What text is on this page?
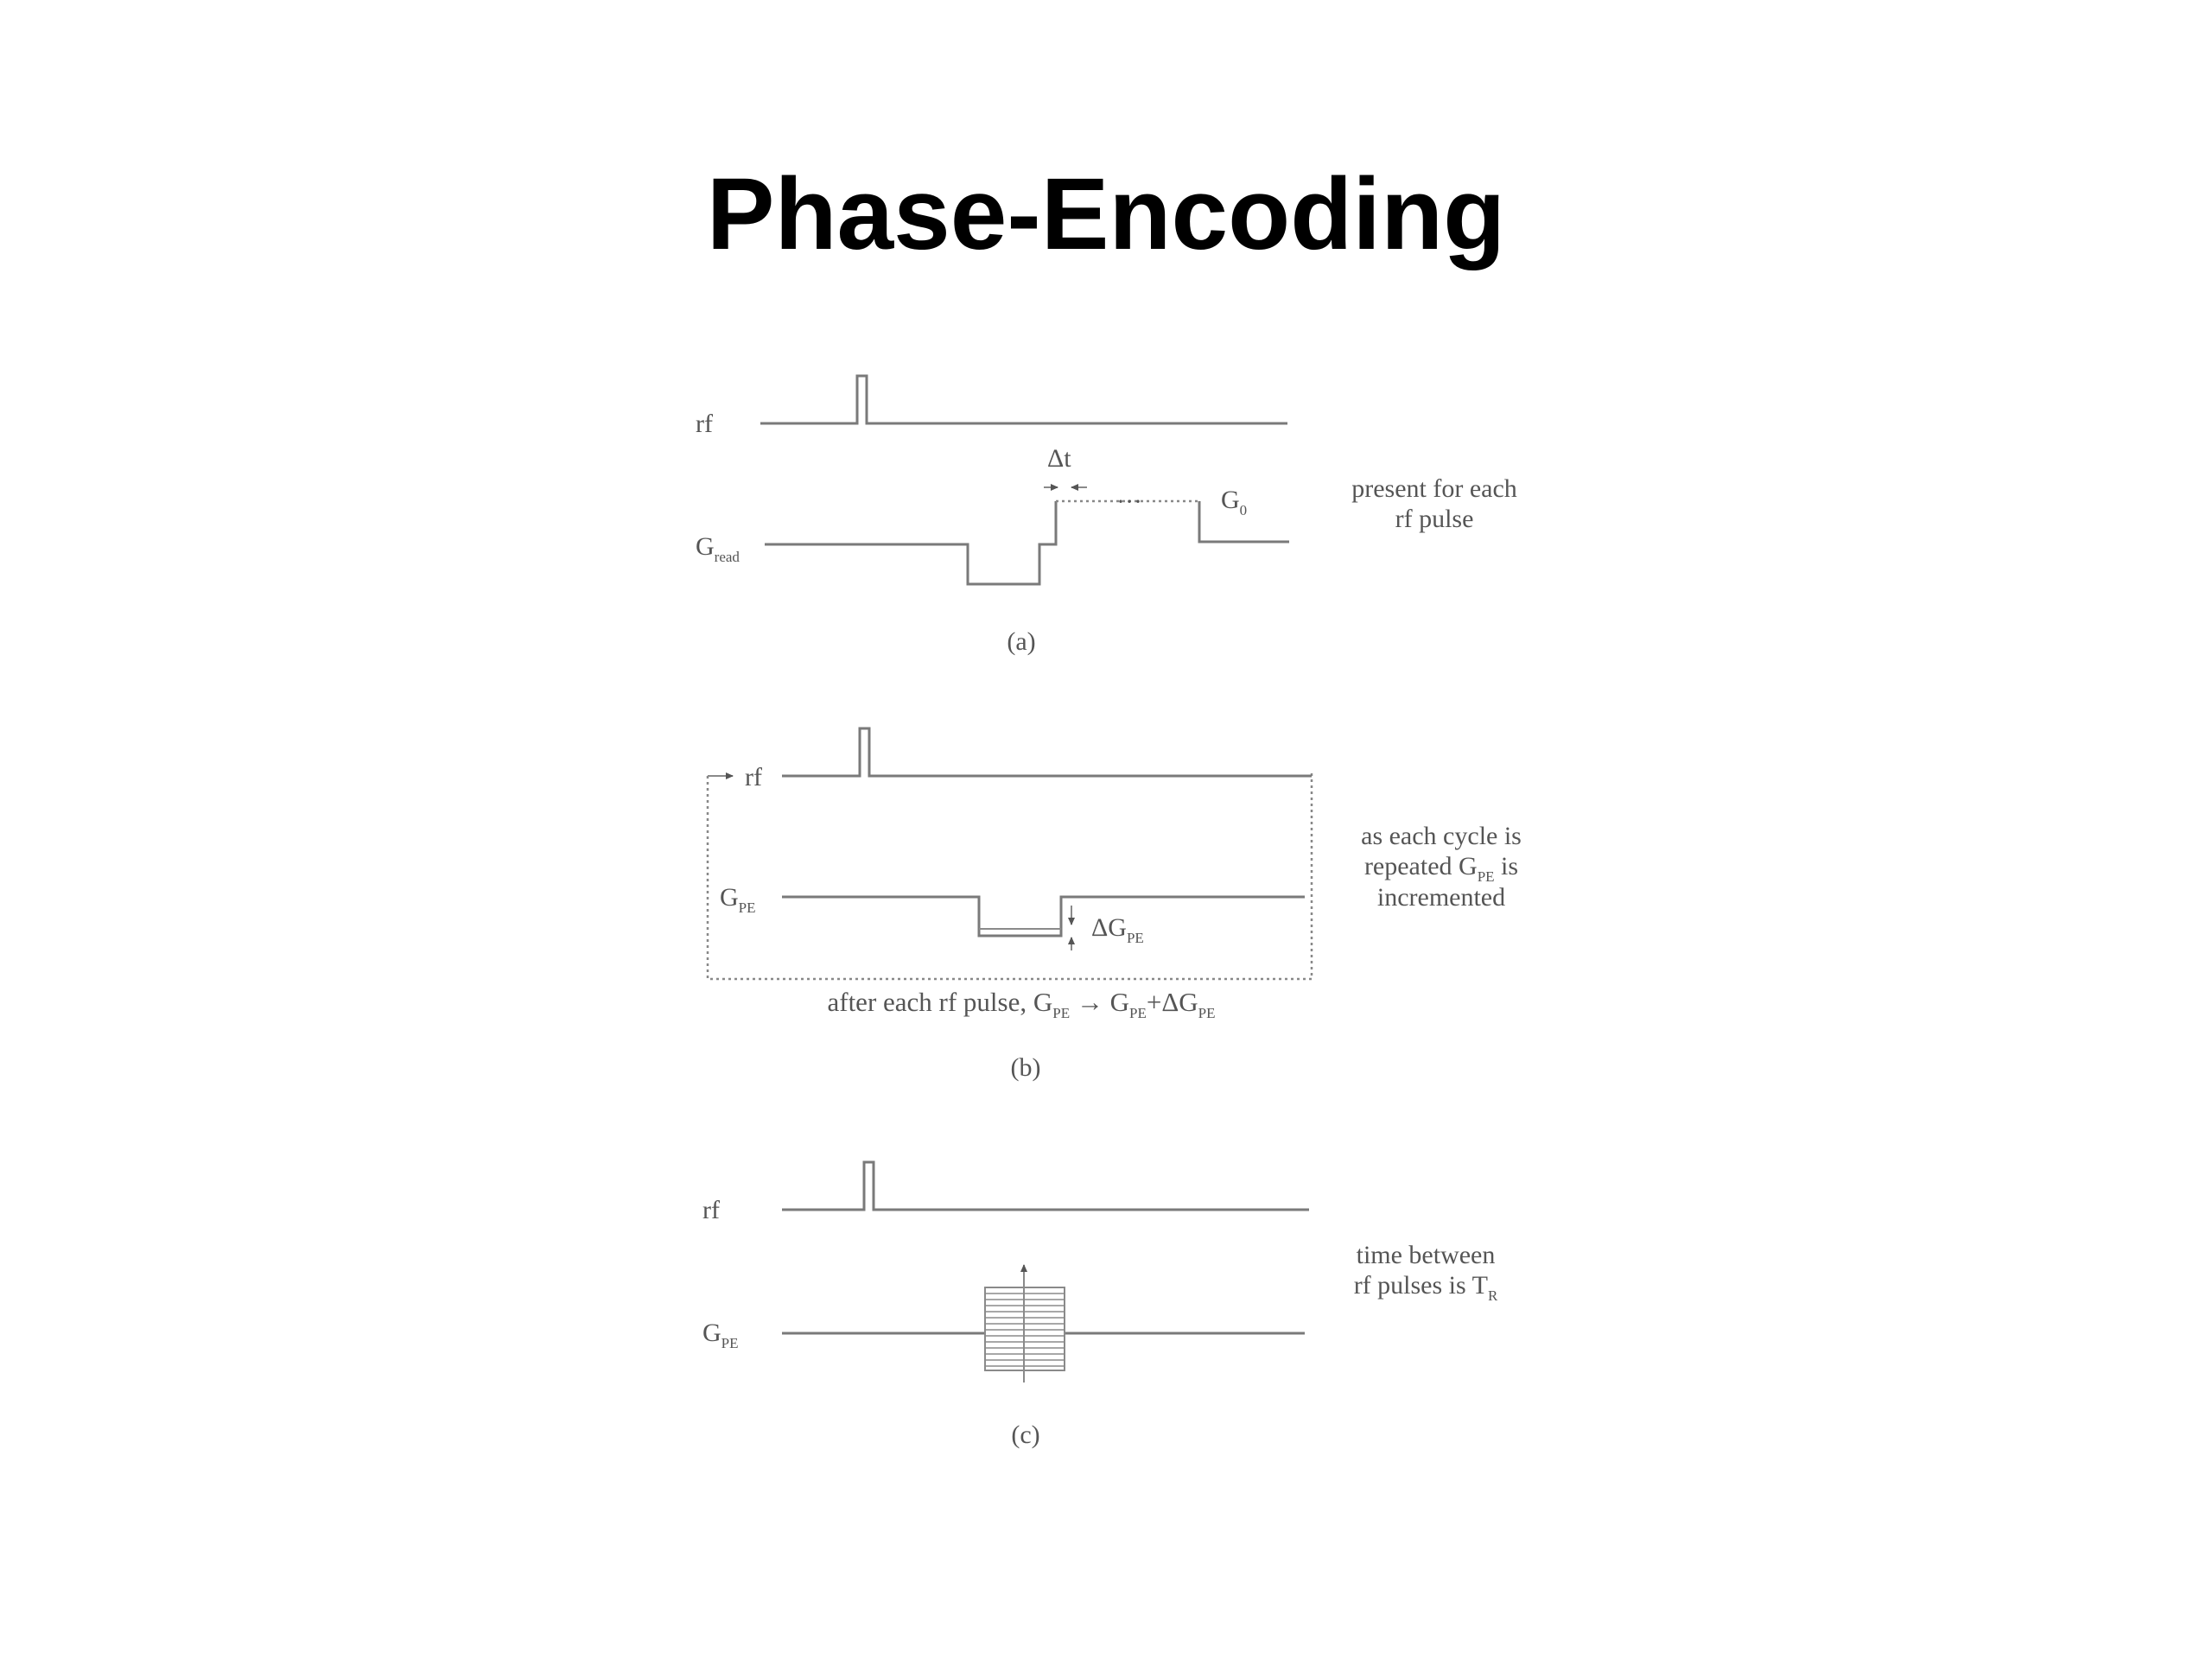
Phase-Encoding
rf
$G_{read}$
Δt
···	$G_0$
present for each
rf pulse
(a)
rf
$G_{PE}$
$\Delta G_{PE}$
as each cycle is
repeated $G_{PE}$ is
incremented
after each rf pulse, $G_{PE} \to G_{PE}+\Delta G_{PE}$
(b)
rf
$G_{PE}$
time between
rf pulses is $T_R$
(c)
